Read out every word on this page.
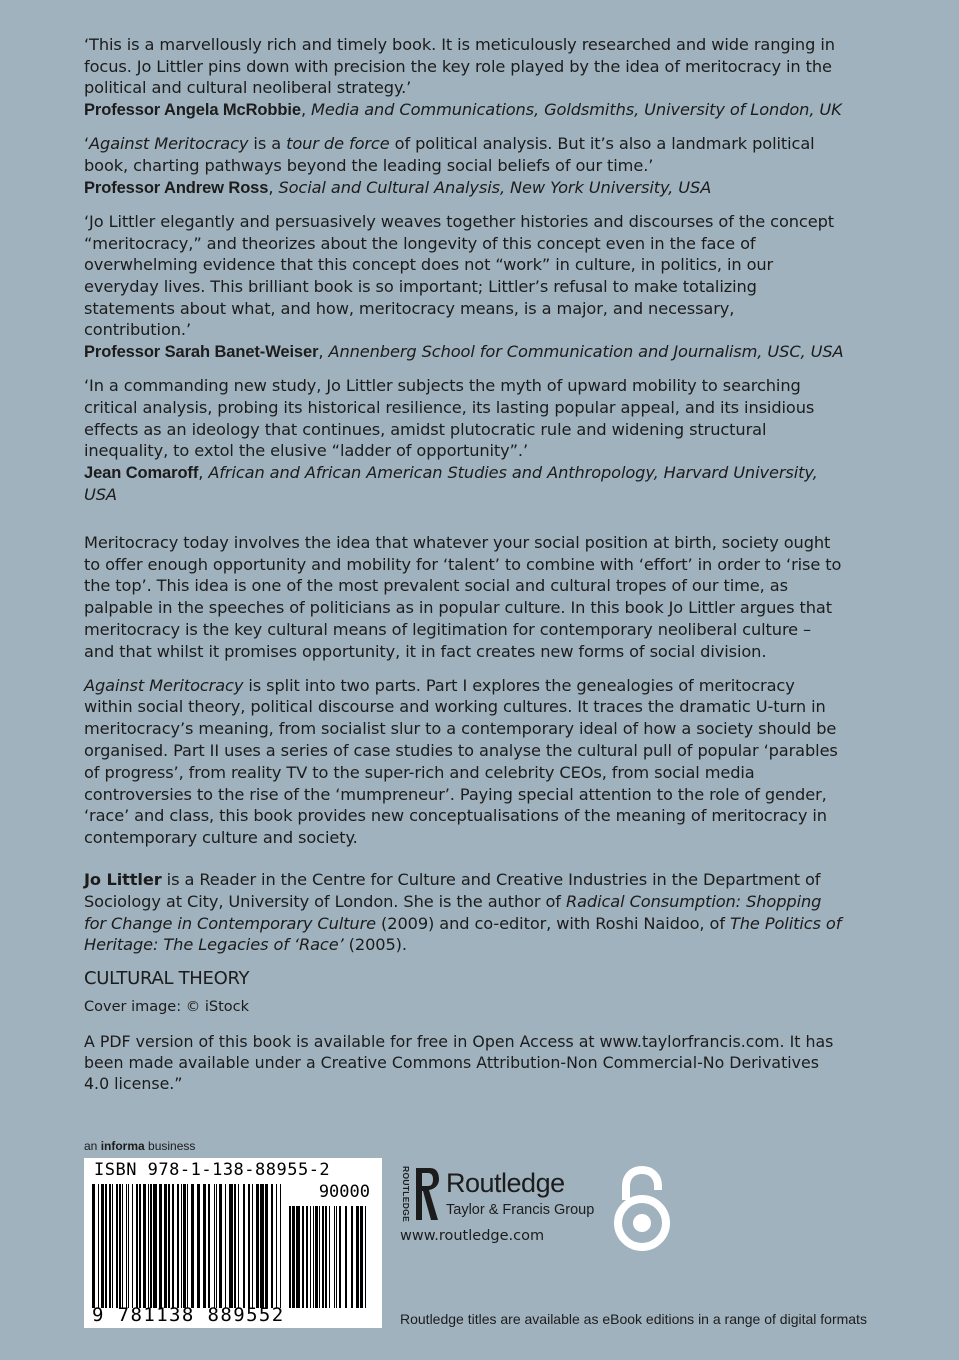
‘This is a marvellously rich and timely book. It is meticulously researched and wide ranging in focus. Jo Littler pins down with precision the key role played by the idea of meritocracy in the political and cultural neoliberal strategy.’
Professor Angela McRobbie, Media and Communications, Goldsmiths, University of London, UK

‘Against Meritocracy is a tour de force of political analysis. But it’s also a landmark political book, charting pathways beyond the leading social beliefs of our time.’
Professor Andrew Ross, Social and Cultural Analysis, New York University, USA

‘Jo Littler elegantly and persuasively weaves together histories and discourses of the concept “meritocracy,” and theorizes about the longevity of this concept even in the face of overwhelming evidence that this concept does not “work” in culture, in politics, in our everyday lives. This brilliant book is so important; Littler’s refusal to make totalizing statements about what, and how, meritocracy means, is a major, and necessary, contribution.’
Professor Sarah Banet-Weiser, Annenberg School for Communication and Journalism, USC, USA

‘In a commanding new study, Jo Littler subjects the myth of upward mobility to searching critical analysis, probing its historical resilience, its lasting popular appeal, and its insidious effects as an ideology that continues, amidst plutocratic rule and widening structural inequality, to extol the elusive “ladder of opportunity”.’
Jean Comaroff, African and African American Studies and Anthropology, Harvard University, USA

Meritocracy today involves the idea that whatever your social position at birth, society ought to offer enough opportunity and mobility for ‘talent’ to combine with ‘effort’ in order to ‘rise to the top’. This idea is one of the most prevalent social and cultural tropes of our time, as palpable in the speeches of politicians as in popular culture. In this book Jo Littler argues that meritocracy is the key cultural means of legitimation for contemporary neoliberal culture – and that whilst it promises opportunity, it in fact creates new forms of social division.

Against Meritocracy is split into two parts. Part I explores the genealogies of meritocracy within social theory, political discourse and working cultures. It traces the dramatic U-turn in meritocracy’s meaning, from socialist slur to a contemporary ideal of how a society should be organised. Part II uses a series of case studies to analyse the cultural pull of popular ‘parables of progress’, from reality TV to the super-rich and celebrity CEOs, from social media controversies to the rise of the ‘mumpreneur’. Paying special attention to the role of gender, ‘race’ and class, this book provides new conceptualisations of the meaning of meritocracy in contemporary culture and society.

Jo Littler is a Reader in the Centre for Culture and Creative Industries in the Department of Sociology at City, University of London. She is the author of Radical Consumption: Shopping for Change in Contemporary Culture (2009) and co-editor, with Roshi Naidoo, of The Politics of Heritage: The Legacies of ‘Race’ (2005).

CULTURAL THEORY
Cover image: © iStock

A PDF version of this book is available for free in Open Access at www.taylorfrancis.com. It has been made available under a Creative Commons Attribution-Non Commercial-No Derivatives 4.0 license.”

an informa business
ISBN 978-1-138-88955-2
90000
9 781138 889552
ROUTLEDGE Routledge
Taylor & Francis Group
www.routledge.com
Routledge titles are available as eBook editions in a range of digital formats
